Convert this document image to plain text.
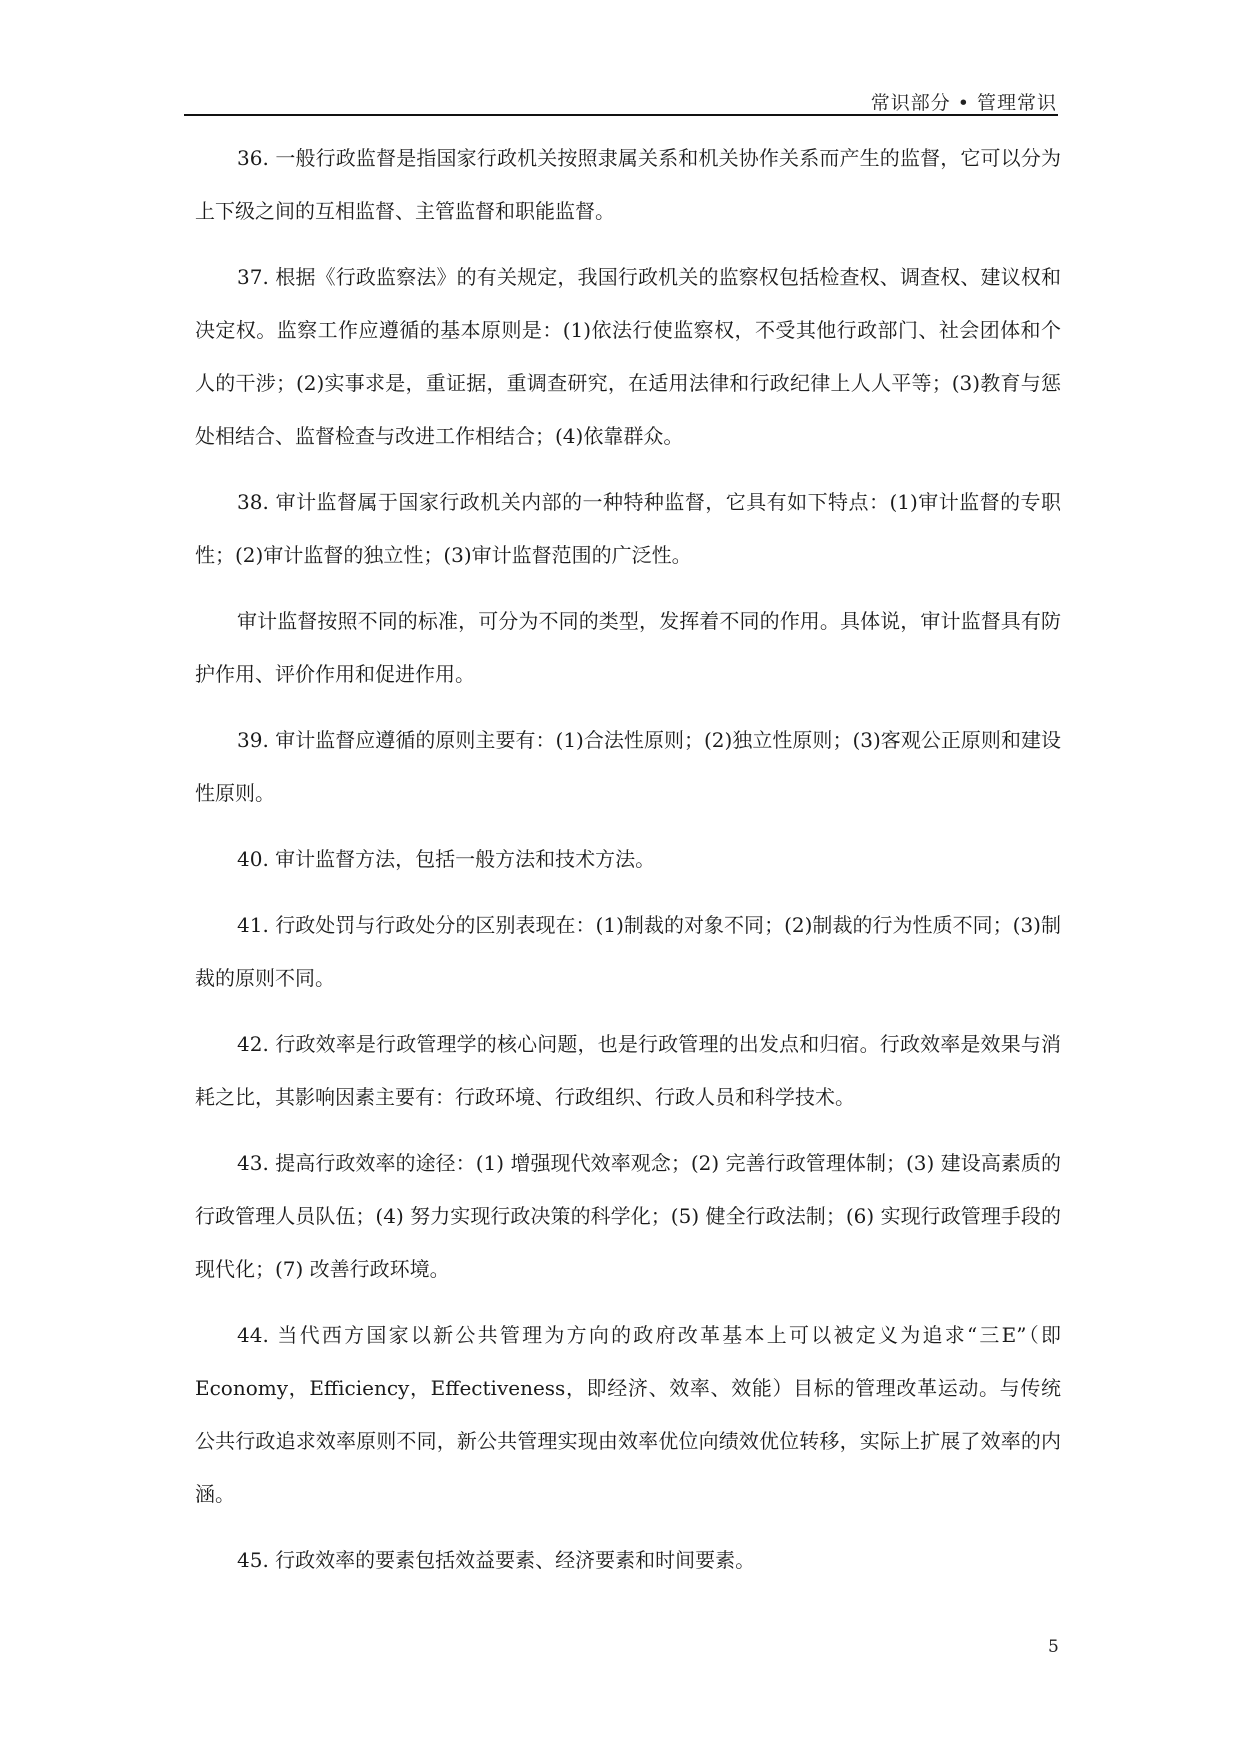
常识部分 • 管理常识

36. 一般行政监督是指国家行政机关按照隶属关系和机关协作关系而产生的监督，它可以分为上下级之间的互相监督、主管监督和职能监督。

37. 根据《行政监察法》的有关规定，我国行政机关的监察权包括检查权、调查权、建议权和决定权。监察工作应遵循的基本原则是：(1)依法行使监察权，不受其他行政部门、社会团体和个人的干涉；(2)实事求是，重证据，重调查研究，在适用法律和行政纪律上人人平等；(3)教育与惩处相结合、监督检查与改进工作相结合；(4)依靠群众。

38. 审计监督属于国家行政机关内部的一种特种监督，它具有如下特点：(1)审计监督的专职性；(2)审计监督的独立性；(3)审计监督范围的广泛性。

审计监督按照不同的标准，可分为不同的类型，发挥着不同的作用。具体说，审计监督具有防护作用、评价作用和促进作用。

39. 审计监督应遵循的原则主要有：(1)合法性原则；(2)独立性原则；(3)客观公正原则和建设性原则。

40. 审计监督方法，包括一般方法和技术方法。

41. 行政处罚与行政处分的区别表现在：(1)制裁的对象不同；(2)制裁的行为性质不同；(3)制裁的原则不同。

42. 行政效率是行政管理学的核心问题，也是行政管理的出发点和归宿。行政效率是效果与消耗之比，其影响因素主要有：行政环境、行政组织、行政人员和科学技术。

43. 提高行政效率的途径：(1) 增强现代效率观念；(2) 完善行政管理体制；(3) 建设高素质的行政管理人员队伍；(4) 努力实现行政决策的科学化；(5) 健全行政法制；(6) 实现行政管理手段的现代化；(7) 改善行政环境。

44. 当代西方国家以新公共管理为方向的政府改革基本上可以被定义为追求“三E”（即Economy，Efficiency，Effectiveness，即经济、效率、效能）目标的管理改革运动。与传统公共行政追求效率原则不同，新公共管理实现由效率优位向绩效优位转移，实际上扩展了效率的内涵。

45. 行政效率的要素包括效益要素、经济要素和时间要素。

5
